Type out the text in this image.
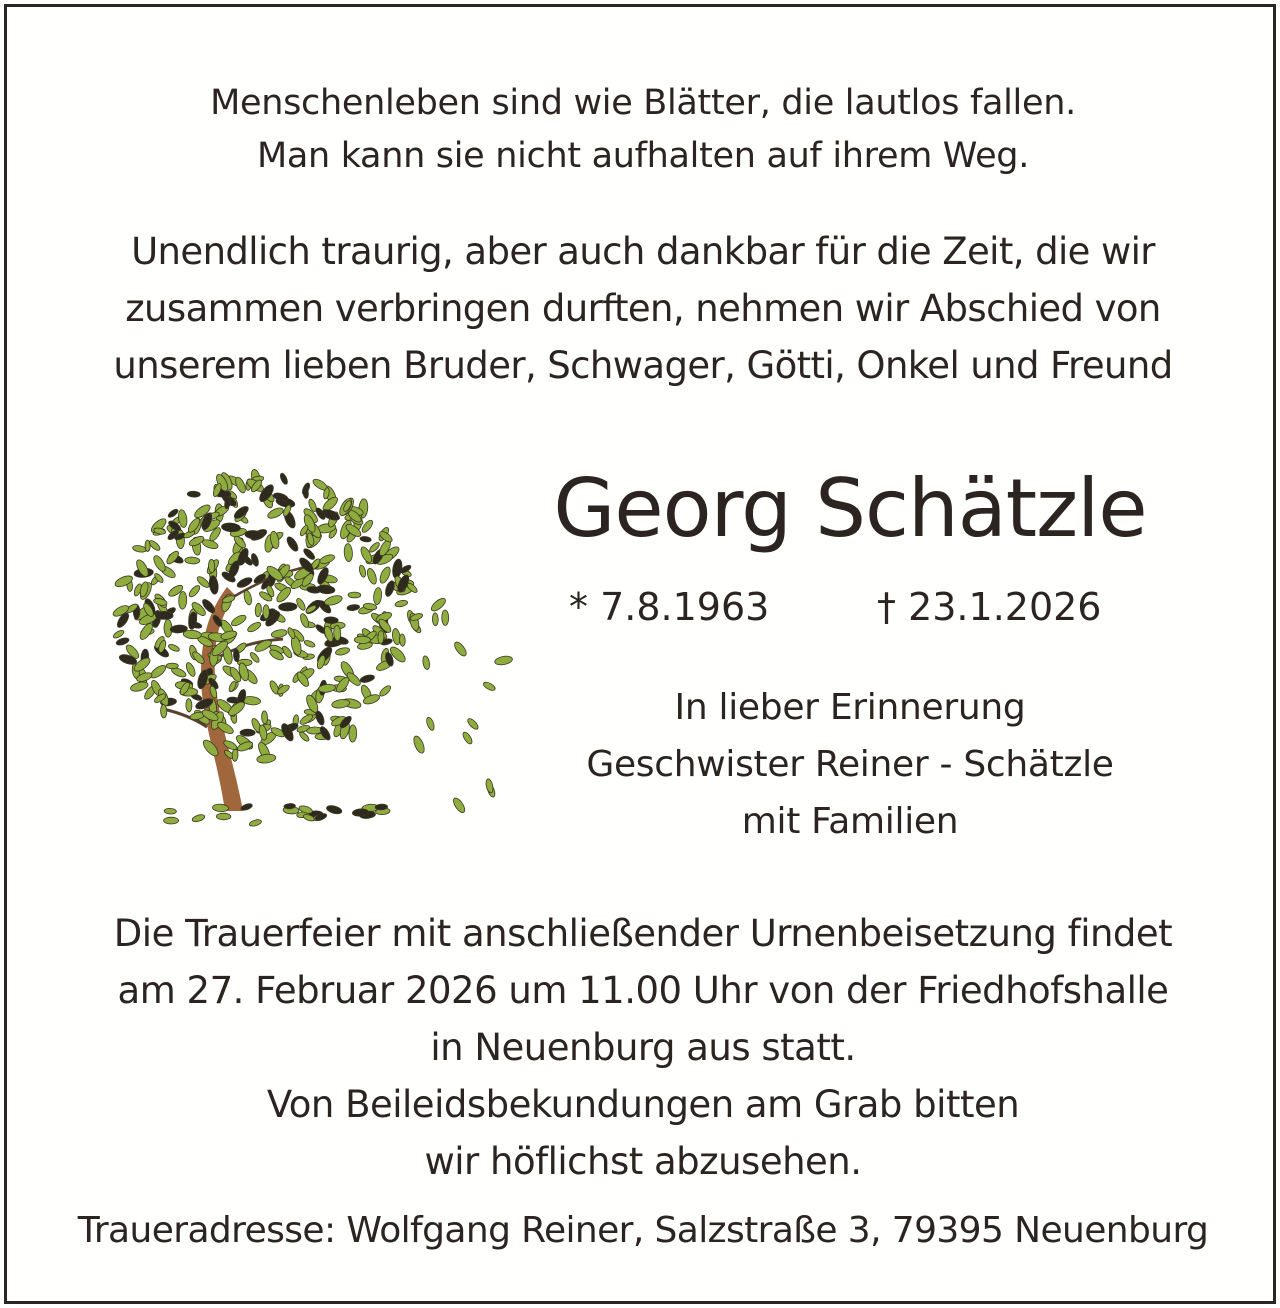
Menschenleben sind wie Blätter, die lautlos fallen.
Man kann sie nicht aufhalten auf ihrem Weg.
Unendlich traurig, aber auch dankbar für die Zeit, die wir
zusammen verbringen durften, nehmen wir Abschied von
unserem lieben Bruder, Schwager, Götti, Onkel und Freund
Georg Schätzle
* 7.8.1963	† 23.1.2026
In lieber Erinnerung
Geschwister Reiner - Schätzle
mit Familien
Die Trauerfeier mit anschließender Urnenbeisetzung findet
am 27. Februar 2026 um 11.00 Uhr von der Friedhofshalle
in Neuenburg aus statt.
Von Beileidsbekundungen am Grab bitten
wir höflichst abzusehen.
Traueradresse: Wolfgang Reiner, Salzstraße 3, 79395 Neuenburg
